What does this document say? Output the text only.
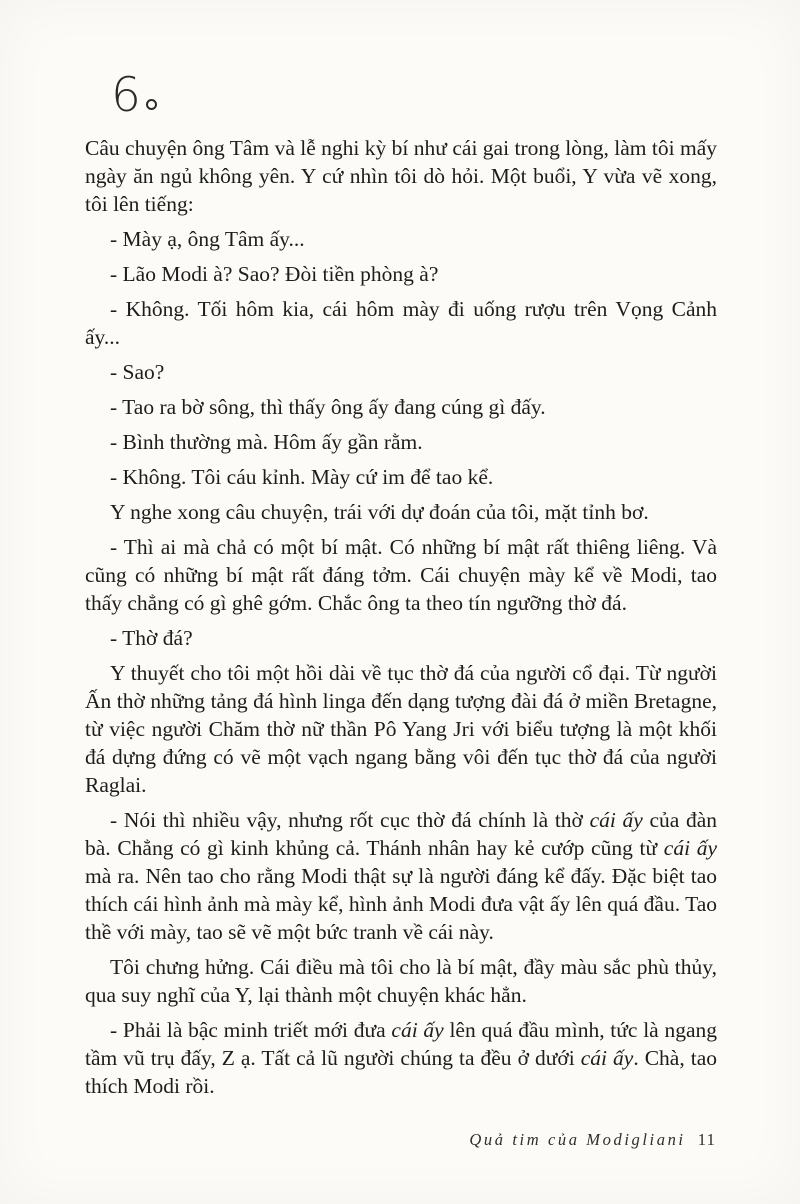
6

Câu chuyện ông Tâm và lễ nghi kỳ bí như cái gai trong lòng, làm tôi mấy ngày ăn ngủ không yên. Y cứ nhìn tôi dò hỏi. Một buổi, Y vừa vẽ xong, tôi lên tiếng:

- Mày ạ, ông Tâm ấy...

- Lão Modi à? Sao? Đòi tiền phòng à?

- Không. Tối hôm kia, cái hôm mày đi uống rượu trên Vọng Cảnh ấy...

- Sao?

- Tao ra bờ sông, thì thấy ông ấy đang cúng gì đấy.

- Bình thường mà. Hôm ấy gần rằm.

- Không. Tôi cáu kỉnh. Mày cứ im để tao kể.

Y nghe xong câu chuyện, trái với dự đoán của tôi, mặt tỉnh bơ.

- Thì ai mà chả có một bí mật. Có những bí mật rất thiêng liêng. Và cũng có những bí mật rất đáng tởm. Cái chuyện mày kể về Modi, tao thấy chẳng có gì ghê gớm. Chắc ông ta theo tín ngưỡng thờ đá.

- Thờ đá?

Y thuyết cho tôi một hồi dài về tục thờ đá của người cổ đại. Từ người Ấn thờ những tảng đá hình linga đến dạng tượng đài đá ở miền Bretagne, từ việc người Chăm thờ nữ thần Pô Yang Jri với biểu tượng là một khối đá dựng đứng có vẽ một vạch ngang bằng vôi đến tục thờ đá của người Raglai.

- Nói thì nhiều vậy, nhưng rốt cục thờ đá chính là thờ cái ấy của đàn bà. Chẳng có gì kinh khủng cả. Thánh nhân hay kẻ cướp cũng từ cái ấy mà ra. Nên tao cho rằng Modi thật sự là người đáng kể đấy. Đặc biệt tao thích cái hình ảnh mà mày kể, hình ảnh Modi đưa vật ấy lên quá đầu. Tao thề với mày, tao sẽ vẽ một bức tranh về cái này.

Tôi chưng hửng. Cái điều mà tôi cho là bí mật, đầy màu sắc phù thủy, qua suy nghĩ của Y, lại thành một chuyện khác hẳn.

- Phải là bậc minh triết mới đưa cái ấy lên quá đầu mình, tức là ngang tầm vũ trụ đấy, Z ạ. Tất cả lũ người chúng ta đều ở dưới cái ấy. Chà, tao thích Modi rồi.

Quả tim của Modigliani 11
